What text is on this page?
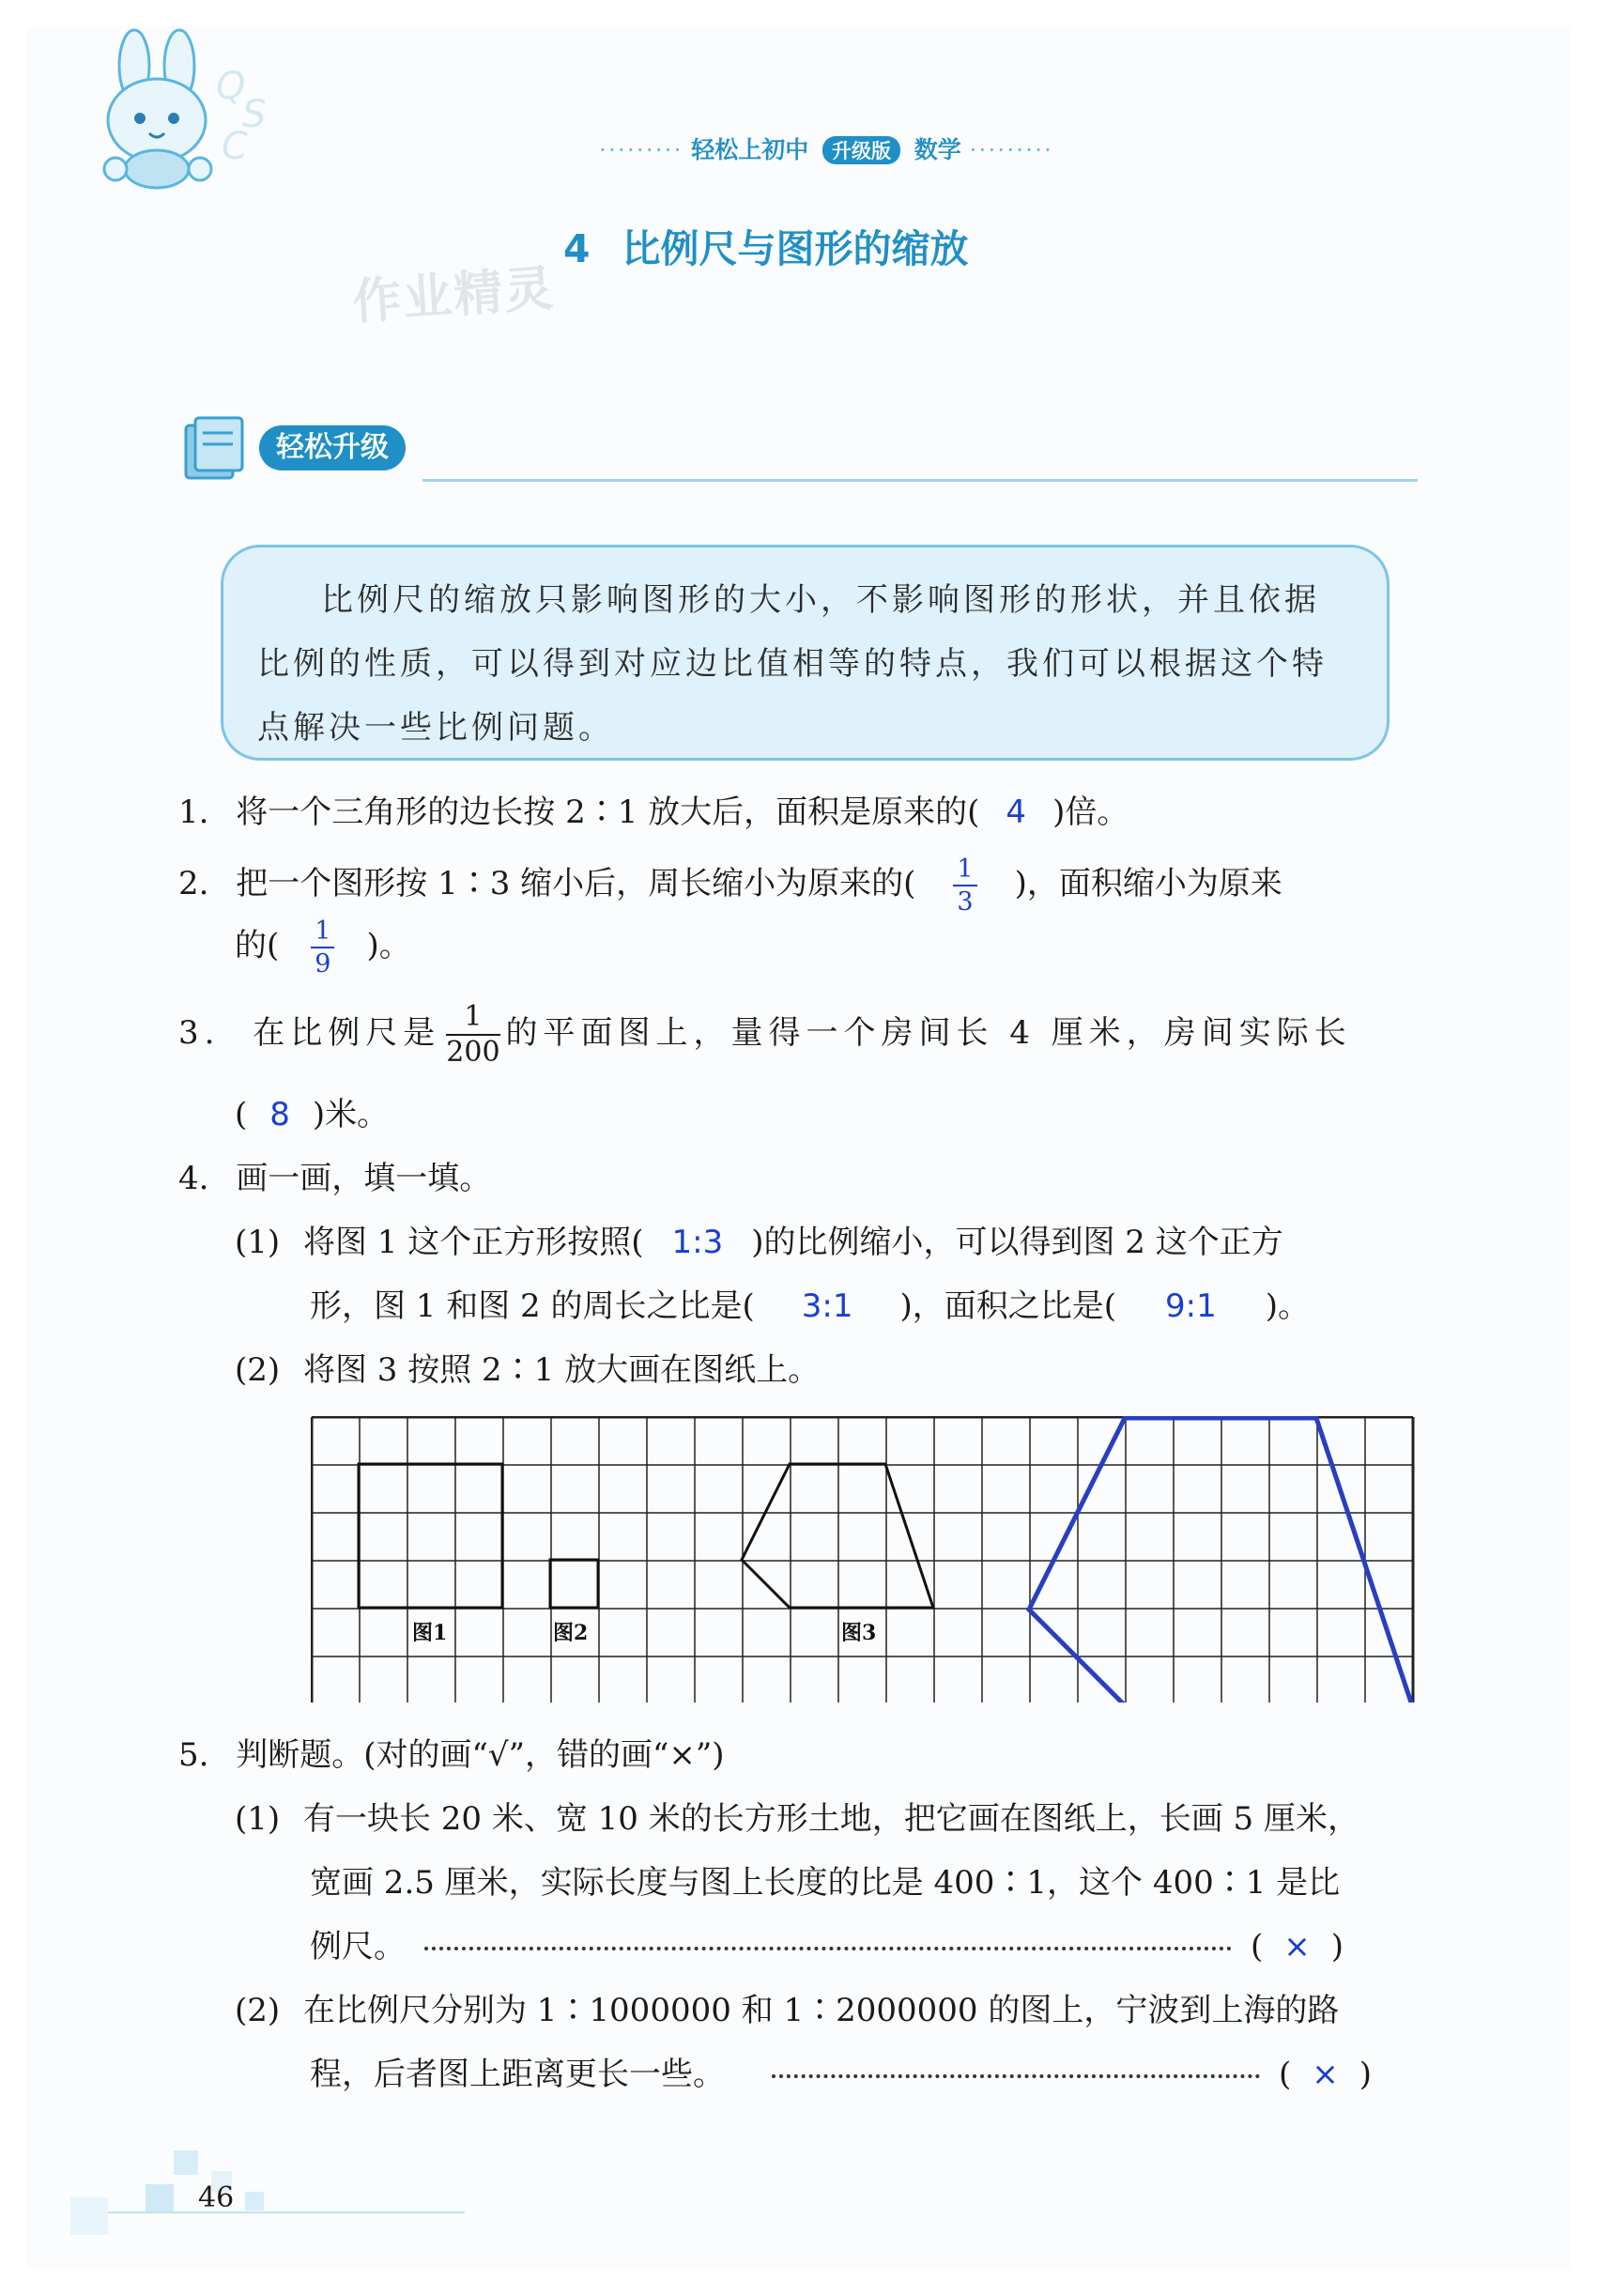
Q
S
C	········· 轻松上初中 升级版 数学 ·········
4 比例尺与图形的缩放
作业精灵
轻松升级

比例尺的缩放只影响图形的大小，不影响图形的形状，并且依据比例的性质，可以得到对应边比值相等的特点，我们可以根据这个特点解决一些比例问题。

1. 将一个三角形的边长按 2∶1 放大后，面积是原来的( 4 )倍。
2. 把一个图形按 1∶3 缩小后，周长缩小为原来的( $\frac{1}{3}$ )，面积缩小为原来
的( $\frac{1}{9}$ )。
3. 在比例尺是 $\frac{1}{200}$ 的平面图上，量得一个房间长 4 厘米，房间实际长
( 8 )米。
4. 画一画，填一填。
(1) 将图 1 这个正方形按照( 1:3 )的比例缩小，可以得到图 2 这个正方
形，图 1 和图 2 的周长之比是( 3:1 )，面积之比是( 9:1 )。
(2) 将图 3 按照 2∶1 放大画在图纸上。
图1	图2	图3
5. 判断题。(对的画“√”，错的画“×”)
(1) 有一块长 20 米、宽 10 米的长方形土地，把它画在图纸上，长画 5 厘米，
宽画 2.5 厘米，实际长度与图上长度的比是 400∶1，这个 400∶1 是比
例尺。	( × )
(2) 在比例尺分别为 1∶1000000 和 1∶2000000 的图上，宁波到上海的路
程，后者图上距离更长一些。	( × )
46
